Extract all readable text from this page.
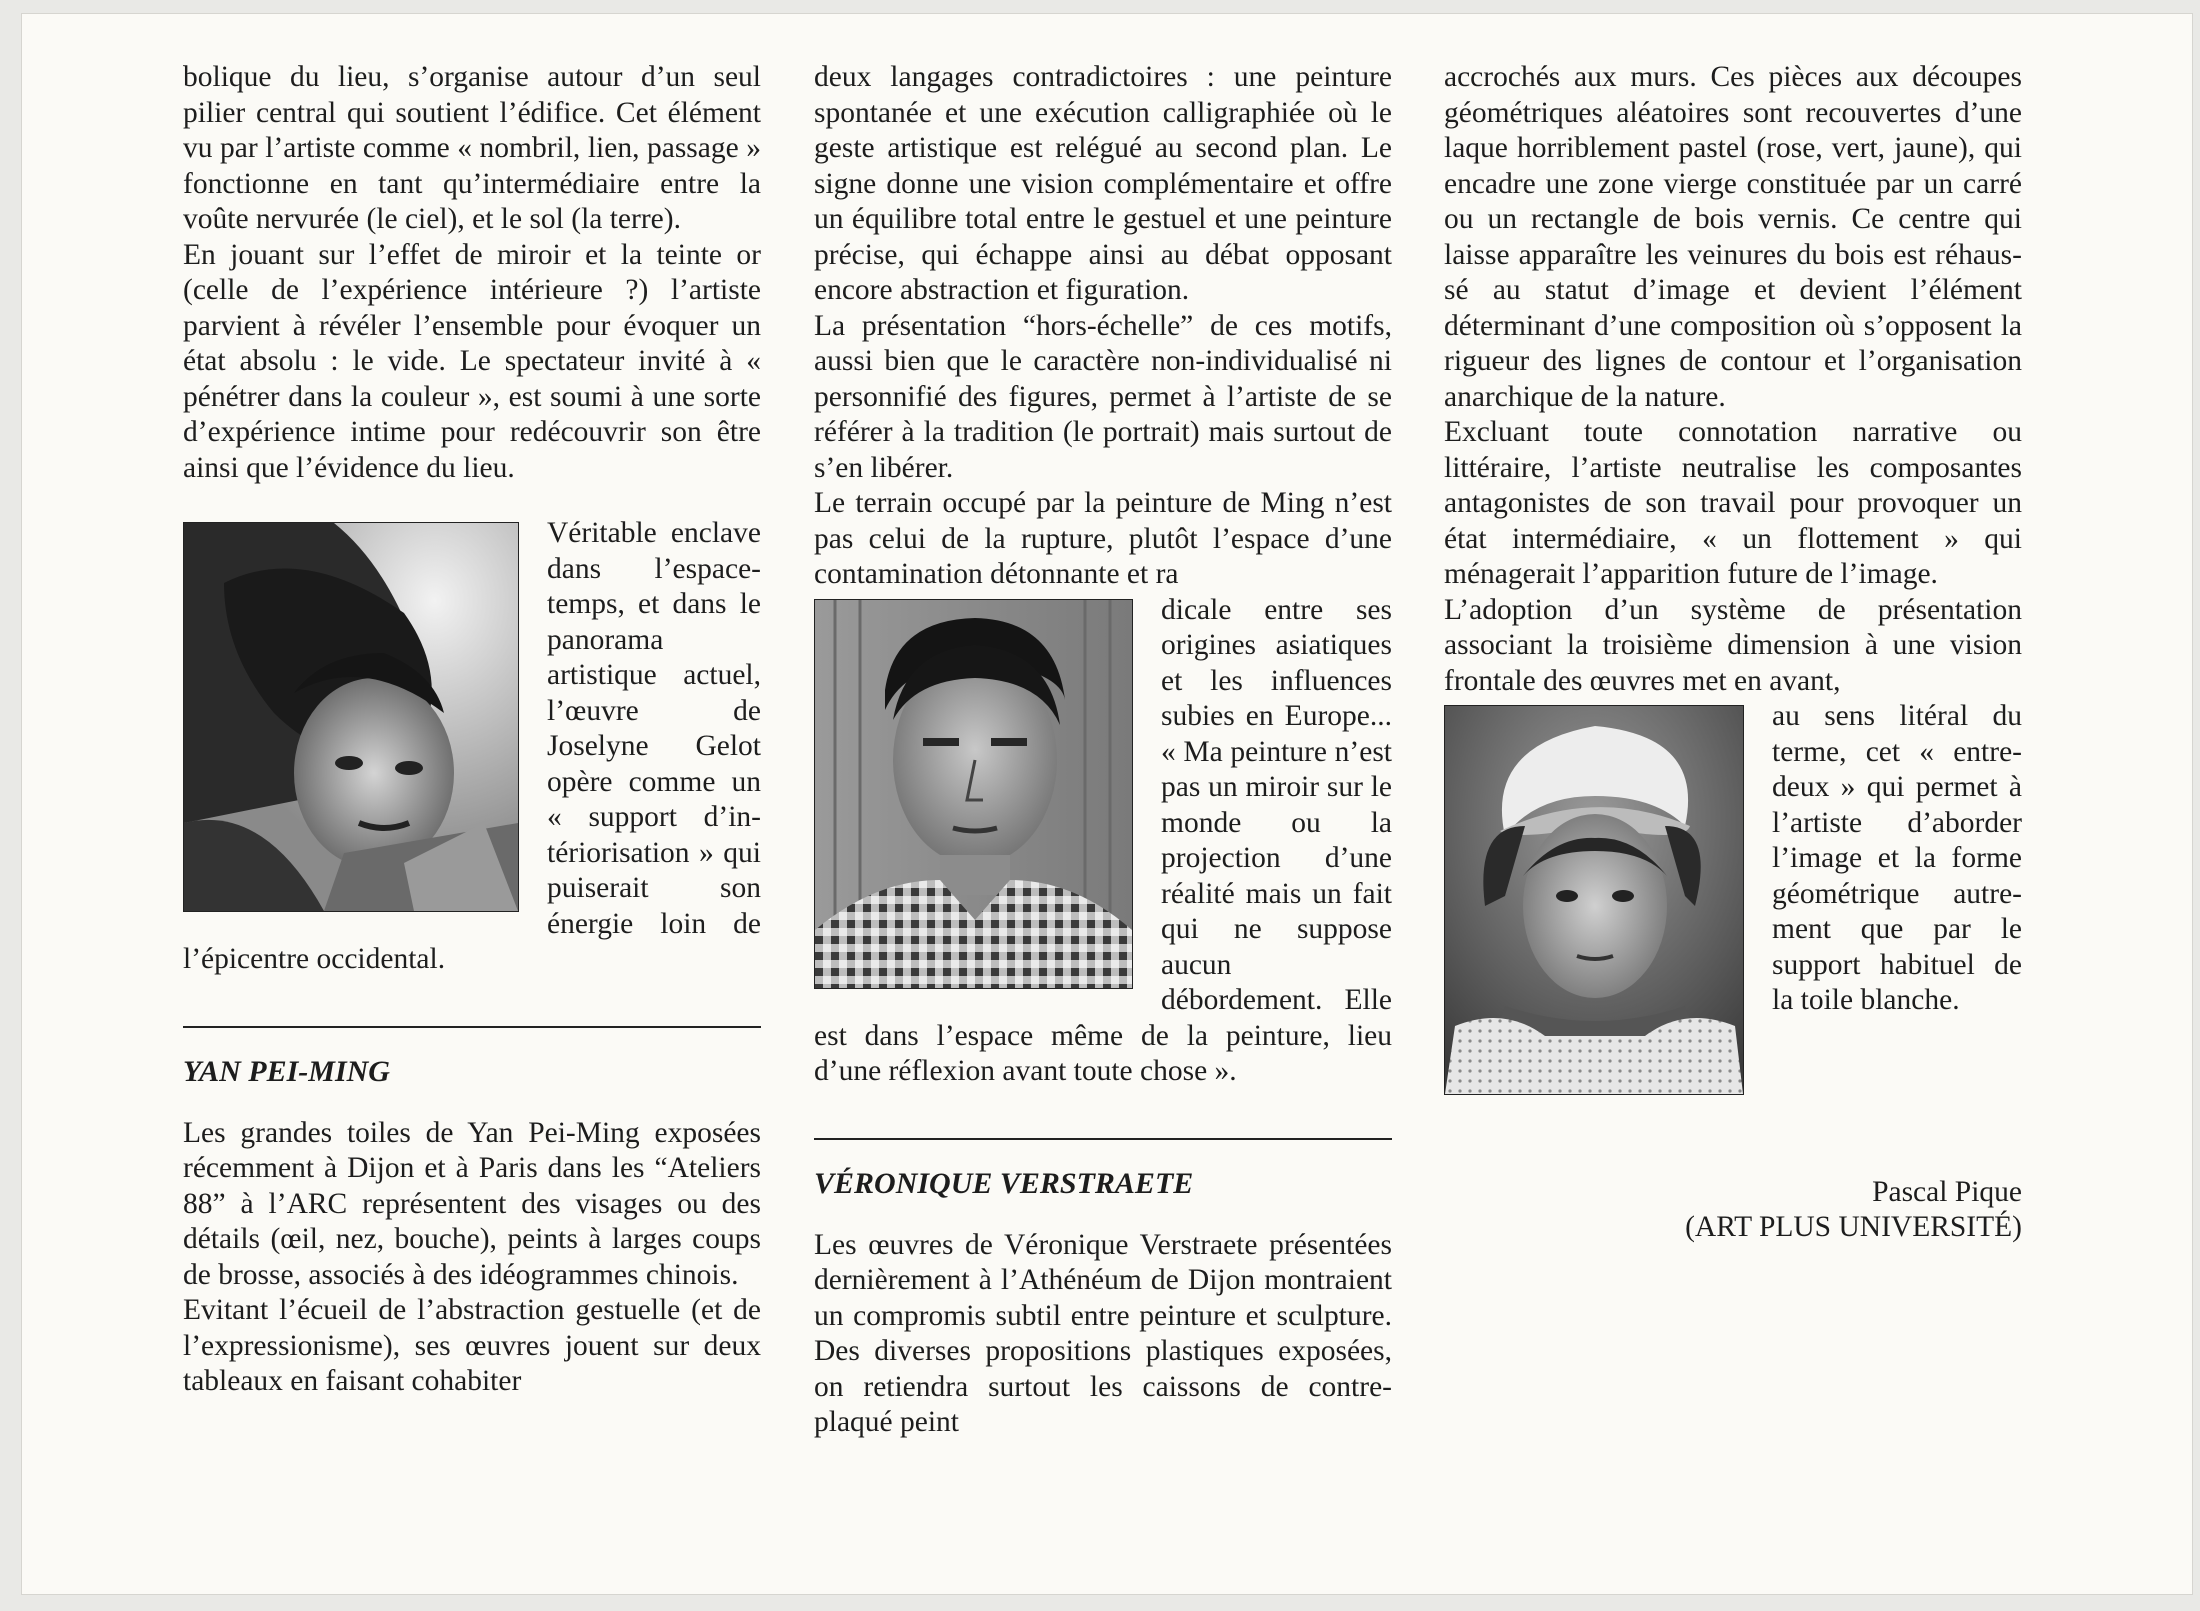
bolique du lieu, s’organise autour d’un seul pilier central qui soutient l’édifice. Cet élément vu par l’artiste comme « nombril, lien, passage » fonctionne en tant qu’intermédiaire entre la voûte nervurée (le ciel), et le sol (la terre).

En jouant sur l’effet de miroir et la teinte or (celle de l’expérience intérieure ?) l’artiste parvient à révéler l’ensemble pour évoquer un état absolu : le vide. Le spectateur invité à « pénétrer dans la couleur », est soumi à une sorte d’expérience intime pour redécouvrir son être ainsi que l’évidence du lieu.

Véritable enclave dans l’espace-temps, et dans le panorama artistique actuel, l’œuvre de Joselyne Gelot opère comme un « support d’intériorisation » qui puiserait son énergie loin de l’épicentre occidental.

YAN PEI-MING

Les grandes toiles de Yan Pei-Ming exposées récemment à Dijon et à Paris dans les “Ateliers 88” à l’ARC représentent des visages ou des détails (œil, nez, bouche), peints à larges coups de brosse, associés à des idéogrammes chinois.

Evitant l’écueil de l’abstraction gestuelle (et de l’expressionisme), ses œuvres jouent sur deux tableaux en faisant cohabiter

deux langages contradictoires : une peinture spontanée et une exécution calligraphiée où le geste artistique est relégué au second plan. Le signe donne une vision complémentaire et offre un équilibre total entre le gestuel et une peinture précise, qui échappe ainsi au débat opposant encore abstraction et figuration.

La présentation “hors-échelle” de ces motifs, aussi bien que le caractère non-individualisé ni personnifié des figures, permet à l’artiste de se référer à la tradition (le portrait) mais surtout de s’en libérer.

Le terrain occupé par la peinture de Ming n’est pas celui de la rupture, plutôt l’espace d’une contamination détonnante et ra

dicale entre ses origines asiatiques et les influences subies en Europe... « Ma peinture n’est pas un miroir sur le monde ou la projection d’une réalité mais un fait qui ne suppose aucun débordement. Elle est dans l’espace même de la peinture, lieu d’une réflexion avant toute chose ».

VÉRONIQUE VERSTRAETE

Les œuvres de Véronique Verstraete présentées dernièrement à l’Athénéum de Dijon montraient un compromis subtil entre peinture et sculpture. Des diverses propositions plastiques exposées, on retiendra surtout les caissons de contre-plaqué peint

accrochés aux murs. Ces pièces aux découpes géométriques aléatoires sont recouvertes d’une laque horriblement pastel (rose, vert, jaune), qui encadre une zone vierge constituée par un carré ou un rectangle de bois vernis. Ce centre qui laisse apparaître les veinures du bois est réhaussé au statut d’image et devient l’élément déterminant d’une composition où s’opposent la rigueur des lignes de contour et l’organisation anarchique de la nature.

Excluant toute connotation narrative ou littéraire, l’artiste neutralise les composantes antagonistes de son travail pour provoquer un état intermédiaire, « un flottement » qui ménagerait l’apparition future de l’image.

L’adoption d’un système de présentation associant la troisième dimension à une vision frontale des œuvres met en avant,

au sens litéral du terme, cet « entre-deux » qui permet à l’artiste d’aborder l’image et la forme géométrique autrement que par le support habituel de la toile blanche.

Pascal Pique
(ART PLUS UNIVERSITÉ)
